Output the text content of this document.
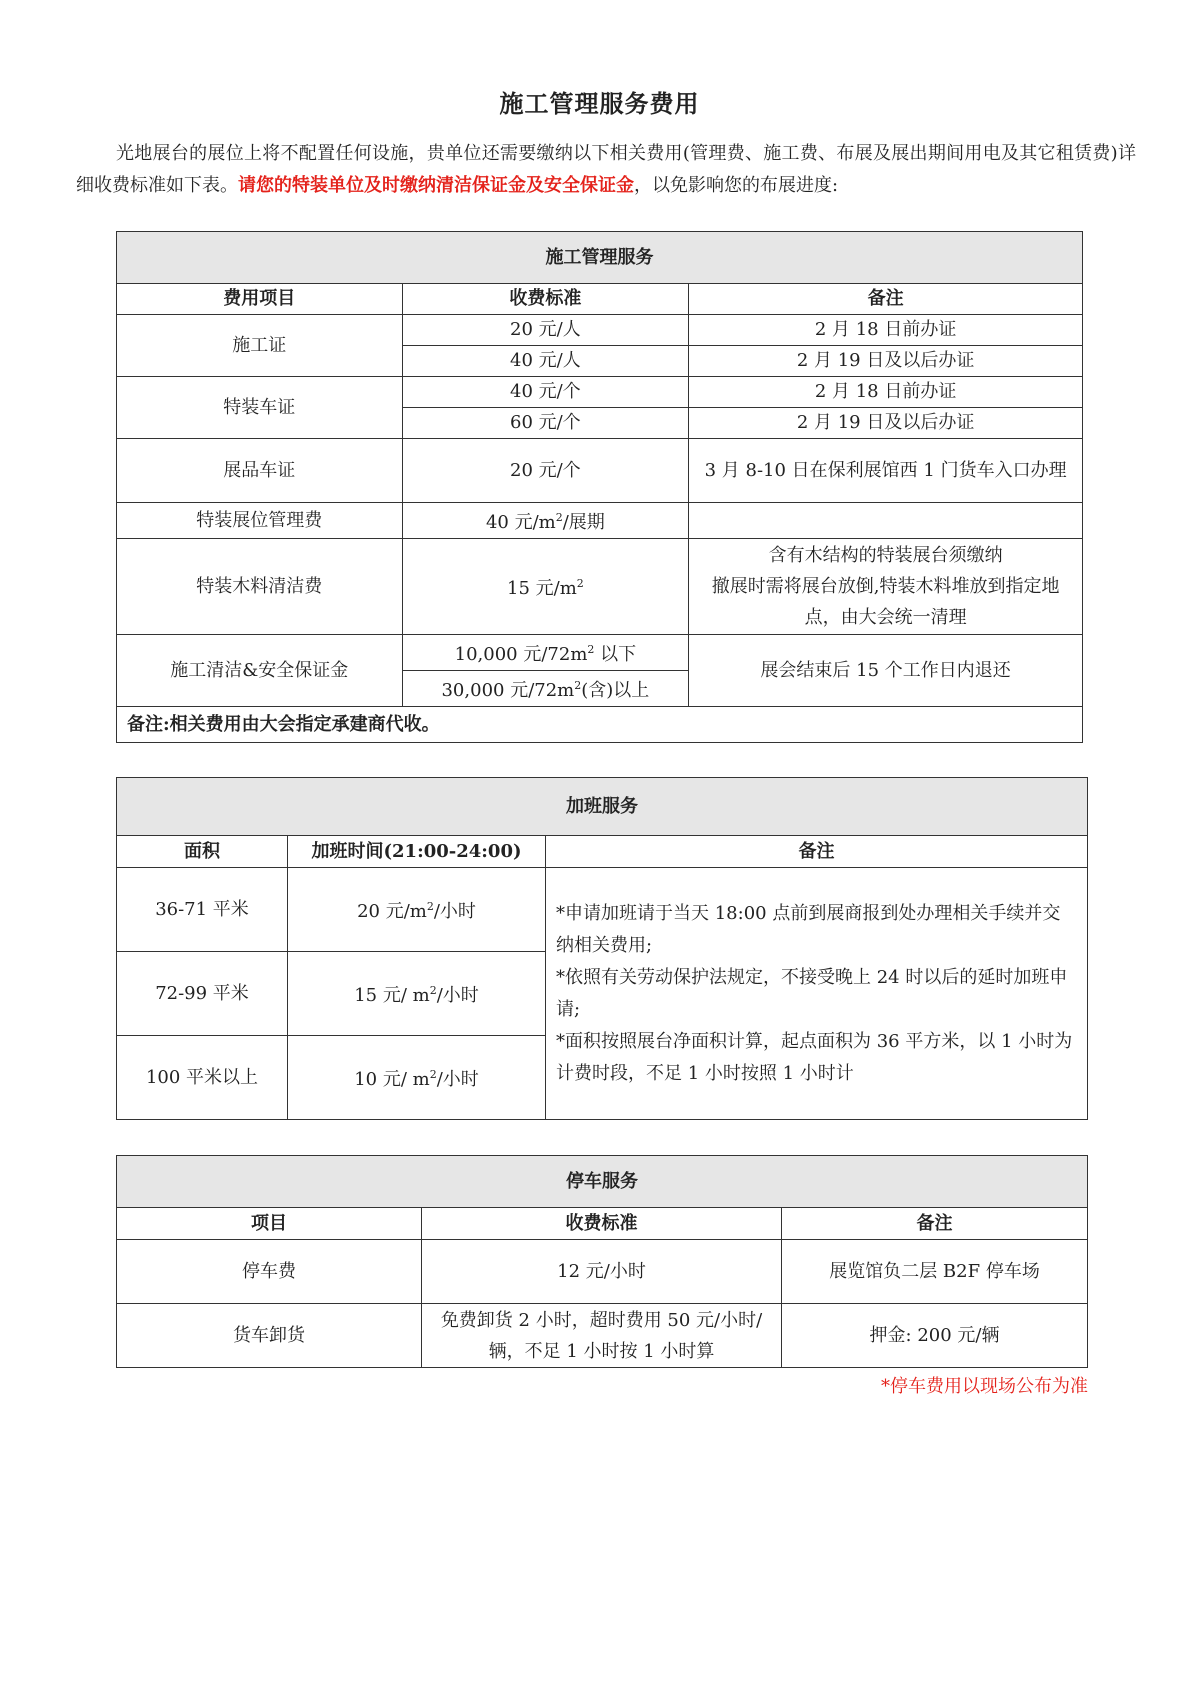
施工管理服务费用

光地展台的展位上将不配置任何设施，贵单位还需要缴纳以下相关费用(管理费、施工费、布展及展出期间用电及其它租赁费)详细收费标准如下表。请您的特装单位及时缴纳清洁保证金及安全保证金，以免影响您的布展进度:

施工管理服务		
费用项目	收费标准	备注
施工证	20 元/人	2 月 18 日前办证
	40 元/人	2 月 19 日及以后办证
特装车证	40 元/个	2 月 18 日前办证
	60 元/个	2 月 19 日及以后办证
展品车证	20 元/个	3 月 8-10 日在保利展馆西 1 门货车入口办理
特装展位管理费	40 元$/m^2/$展期	
特装木料清洁费	15 元$/m^2$	含有木结构的特装展台须缴纳
撤展时需将展台放倒,特装木料堆放到指定地点，由大会统一清理

施工清洁&安全保证金	10,000 元$/72m^2$ 以下	展会结束后 15 个工作日内退还
	30,000 元$/72m^2$(含)以上	
备注:相关费用由大会指定承建商代收。		
加班服务		
面积	加班时间(21:00-24:00)	备注
36-71 平米	20 元$/m^2/$小时	*申请加班请于当天 18:00 点前到展商报到处办理相关手续并交纳相关费用;
*依照有关劳动保护法规定，不接受晚上 24 时以后的延时加班申请;
*面积按照展台净面积计算，起点面积为 36 平方米，以 1 小时为计费时段，不足 1 小时按照 1 小时计

72-99 平米	15 元/ $m^2/$小时	
100 平米以上	10 元/ $m^2/$小时	
停车服务		
项目	收费标准	备注
停车费	12 元/小时	展览馆负二层 B2F 停车场
货车卸货	免费卸货 2 小时，超时费用 50 元/小时/辆，不足 1 小时按 1 小时算	押金: 200 元/辆
*停车费用以现场公布为准
